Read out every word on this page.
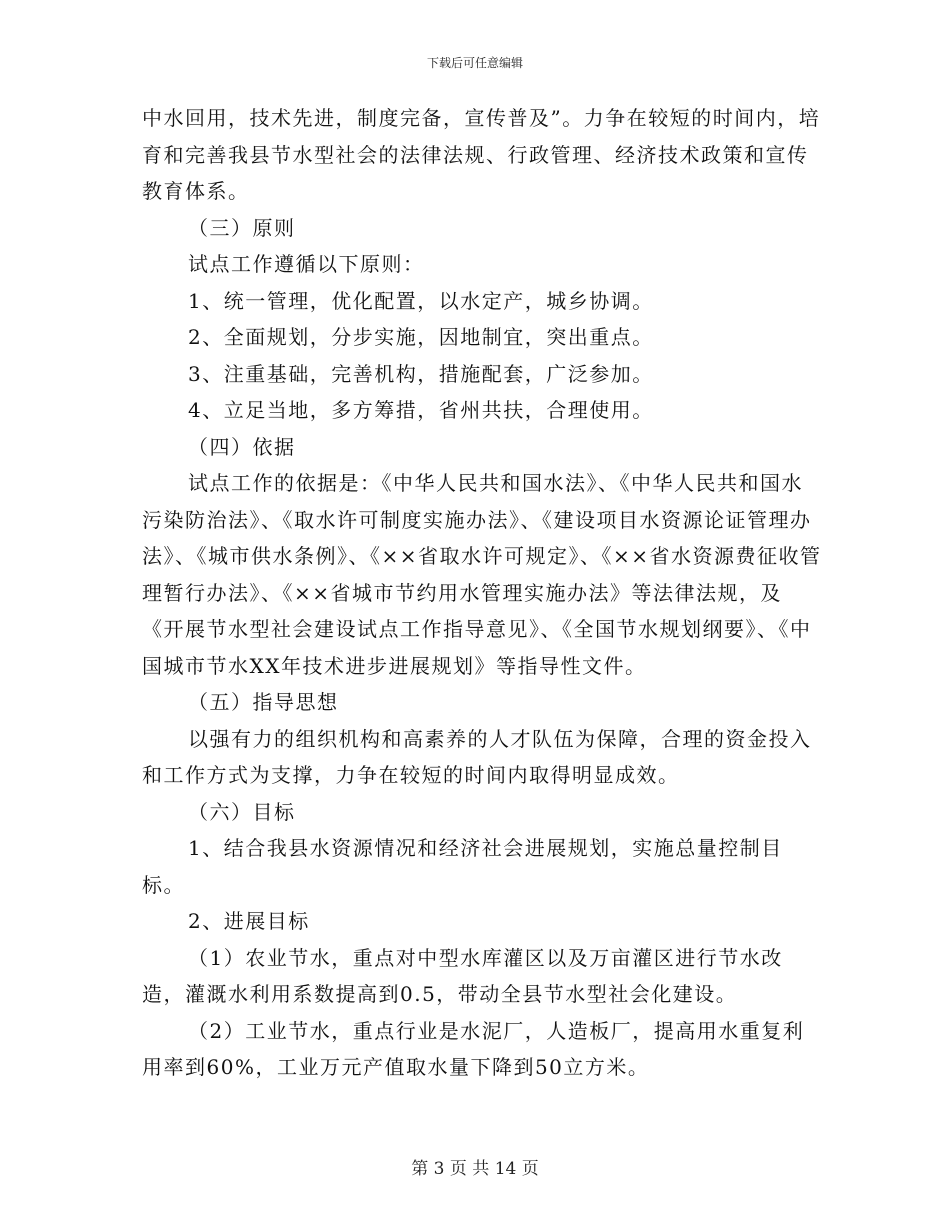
下载后可任意编辑

中水回用，技术先进，制度完备，宣传普及”。力争在较短的时间内，培育和完善我县节水型社会的法律法规、行政管理、经济技术政策和宣传教育体系。

（三）原则

试点工作遵循以下原则：

1、统一管理，优化配置，以水定产，城乡协调。

2、全面规划，分步实施，因地制宜，突出重点。

3、注重基础，完善机构，措施配套，广泛参加。

4、立足当地，多方筹措，省州共扶，合理使用。

（四）依据

试点工作的依据是：《中华人民共和国水法》、《中华人民共和国水污染防治法》、《取水许可制度实施办法》、《建设项目水资源论证管理办法》、《城市供水条例》、《××省取水许可规定》、《××省水资源费征收管理暂行办法》、《××省城市节约用水管理实施办法》等法律法规，及《开展节水型社会建设试点工作指导意见》、《全国节水规划纲要》、《中国城市节水XX年技术进步进展规划》等指导性文件。

（五）指导思想

以强有力的组织机构和高素养的人才队伍为保障，合理的资金投入和工作方式为支撑，力争在较短的时间内取得明显成效。

（六）目标

1、结合我县水资源情况和经济社会进展规划，实施总量控制目标。

2、进展目标

（1）农业节水，重点对中型水库灌区以及万亩灌区进行节水改造，灌溉水利用系数提高到0.5，带动全县节水型社会化建设。

（2）工业节水，重点行业是水泥厂，人造板厂，提高用水重复利用率到60%，工业万元产值取水量下降到50立方米。

第 3 页 共 14 页
